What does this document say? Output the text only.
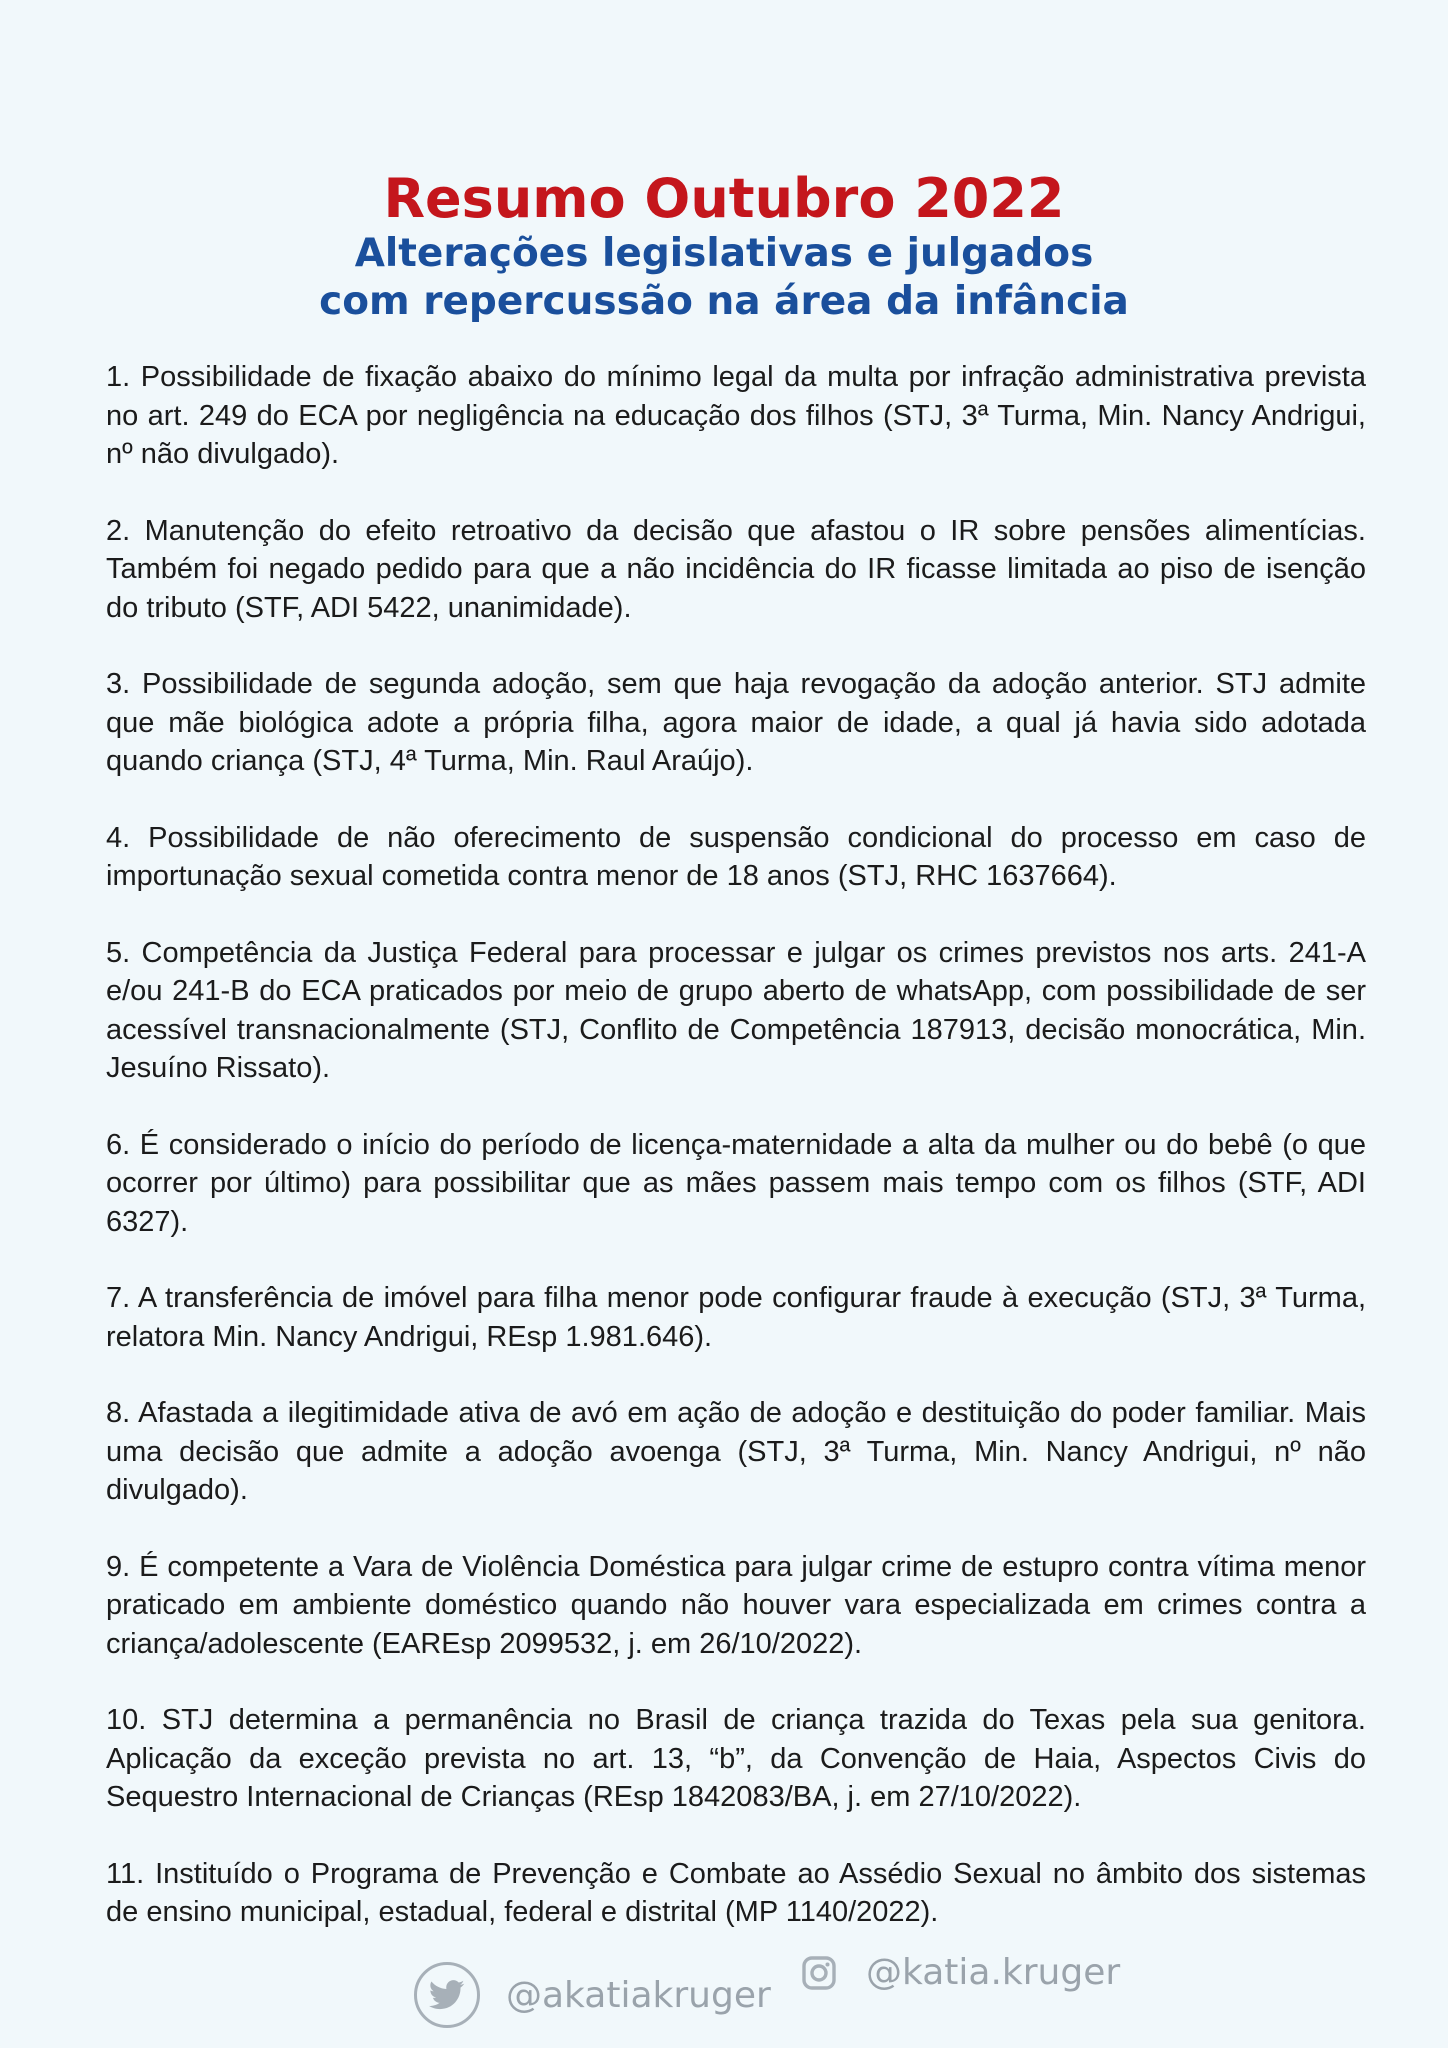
Resumo Outubro 2022

Alterações legislativas e julgados

com repercussão na área da infância

1. Possibilidade de fixação abaixo do mínimo legal da multa por infração administrativa prevista no art. 249 do ECA por negligência na educação dos filhos (STJ, 3ª Turma, Min. Nancy Andrigui, nº não divulgado).
2. Manutenção do efeito retroativo da decisão que afastou o IR sobre pensões alimentícias. Também foi negado pedido para que a não incidência do IR ficasse limitada ao piso de isenção do tributo (STF, ADI 5422, unanimidade).
3. Possibilidade de segunda adoção, sem que haja revogação da adoção anterior. STJ admite que mãe biológica adote a própria filha, agora maior de idade, a qual já havia sido adotada quando criança (STJ, 4ª Turma, Min. Raul Araújo).
4. Possibilidade de não oferecimento de suspensão condicional do processo em caso de importunação sexual cometida contra menor de 18 anos (STJ, RHC 1637664).
5. Competência da Justiça Federal para processar e julgar os crimes previstos nos arts. 241-A e/ou 241-B do ECA praticados por meio de grupo aberto de whatsApp, com possibilidade de ser acessível transnacionalmente (STJ, Conflito de Competência 187913, decisão monocrática, Min. Jesuíno Rissato).
6. É considerado o início do período de licença-maternidade a alta da mulher ou do bebê (o que ocorrer por último) para possibilitar que as mães passem mais tempo com os filhos (STF, ADI 6327).
7. A transferência de imóvel para filha menor pode configurar fraude à execução (STJ, 3ª Turma, relatora Min. Nancy Andrigui, REsp 1.981.646).
8. Afastada a ilegitimidade ativa de avó em ação de adoção e destituição do poder familiar. Mais uma decisão que admite a adoção avoenga (STJ, 3ª Turma, Min. Nancy Andrigui, nº não divulgado).
9. É competente a Vara de Violência Doméstica para julgar crime de estupro contra vítima menor praticado em ambiente doméstico quando não houver vara especializada em crimes contra a criança/adolescente (EAREsp 2099532, j. em 26/10/2022).
10. STJ determina a permanência no Brasil de criança trazida do Texas pela sua genitora. Aplicação da exceção prevista no art. 13, “b”, da Convenção de Haia, Aspectos Civis do Sequestro Internacional de Crianças (REsp 1842083/BA, j. em 27/10/2022).
11. Instituído o Programa de Prevenção e Combate ao Assédio Sexual no âmbito dos sistemas de ensino municipal, estadual, federal e distrital (MP 1140/2022).
@akatiakruger
@katia.kruger
